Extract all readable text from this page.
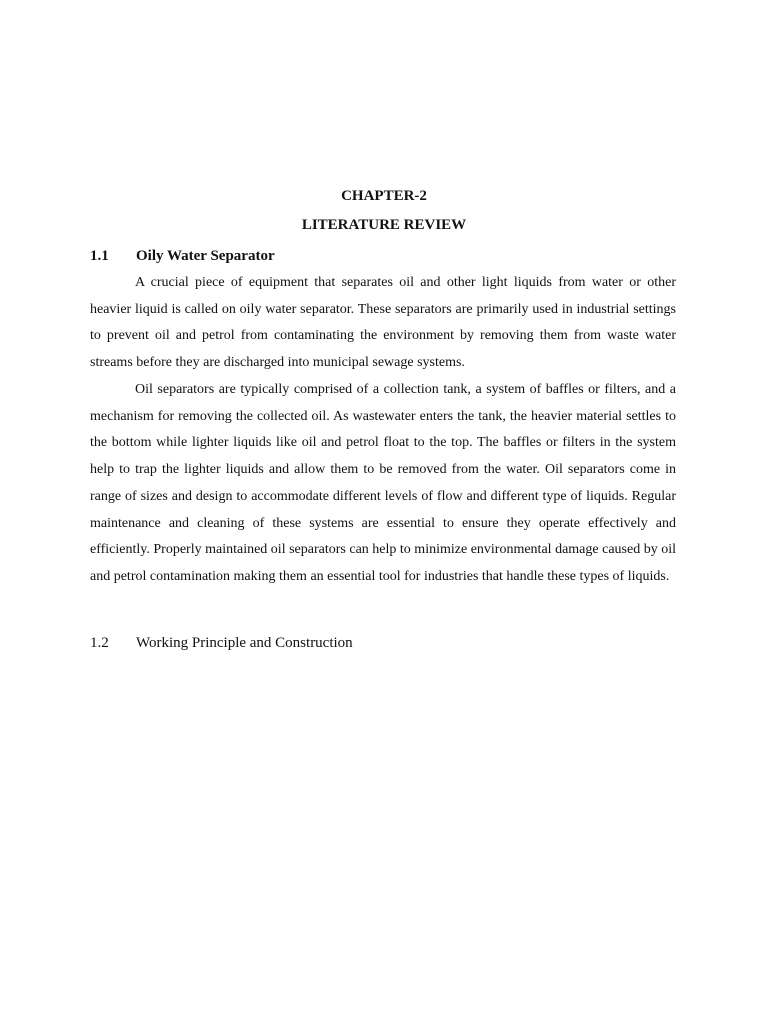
CHAPTER-2
LITERATURE REVIEW
1.1 Oily Water Separator

A crucial piece of equipment that separates oil and other light liquids from water or other heavier liquid is called on oily water separator. These separators are primarily used in industrial settings to prevent oil and petrol from contaminating the environment by removing them from waste water streams before they are discharged into municipal sewage systems.

Oil separators are typically comprised of a collection tank, a system of baffles or filters, and a mechanism for removing the collected oil. As wastewater enters the tank, the heavier material settles to the bottom while lighter liquids like oil and petrol float to the top. The baffles or filters in the system help to trap the lighter liquids and allow them to be removed from the water. Oil separators come in range of sizes and design to accommodate different levels of flow and different type of liquids. Regular maintenance and cleaning of these systems are essential to ensure they operate effectively and efficiently. Properly maintained oil separators can help to minimize environmental damage caused by oil and petrol contamination making them an essential tool for industries that handle these types of liquids.

1.2 Working Principle and Construction
